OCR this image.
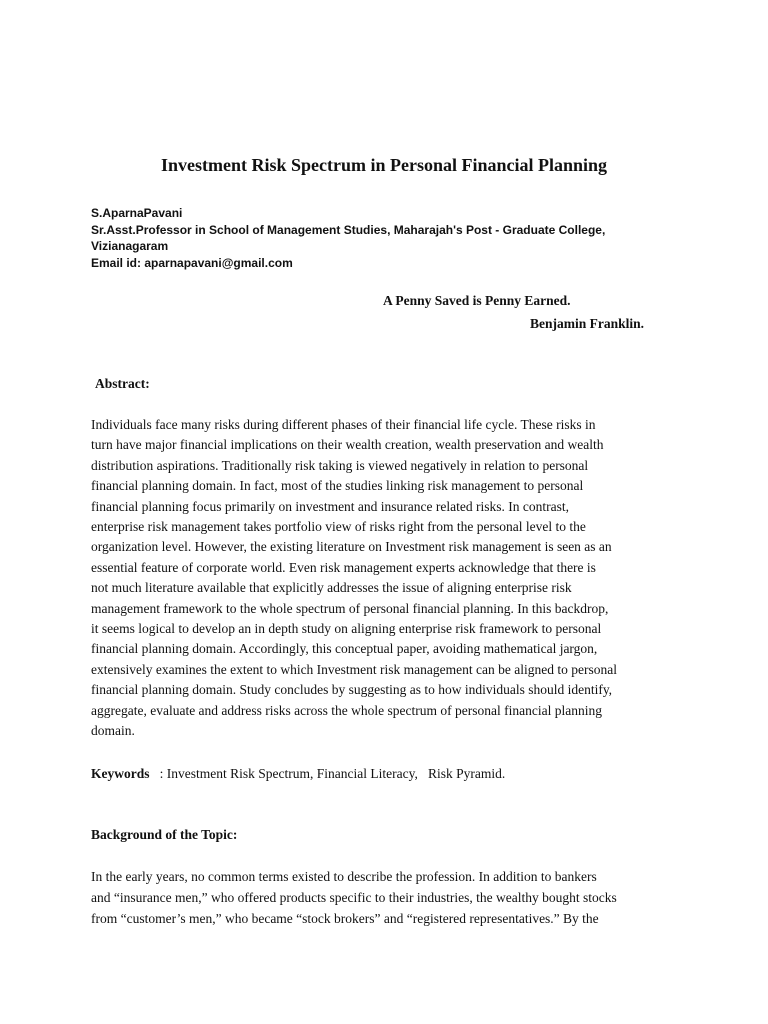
Investment Risk Spectrum in Personal Financial Planning
S.AparnaPavani
Sr.Asst.Professor in School of Management Studies, Maharajah's Post - Graduate College,
Vizianagaram
Email id: aparnapavani@gmail.com
A Penny Saved is Penny Earned.
Benjamin Franklin.
Abstract:
Individuals face many risks during different phases of their financial life cycle. These risks in
turn have major financial implications on their wealth creation, wealth preservation and wealth
distribution aspirations. Traditionally risk taking is viewed negatively in relation to personal
financial planning domain. In fact, most of the studies linking risk management to personal
financial planning focus primarily on investment and insurance related risks. In contrast,
enterprise risk management takes portfolio view of risks right from the personal level to the
organization level. However, the existing literature on Investment risk management is seen as an
essential feature of corporate world. Even risk management experts acknowledge that there is
not much literature available that explicitly addresses the issue of aligning enterprise risk
management framework to the whole spectrum of personal financial planning. In this backdrop,
it seems logical to develop an in depth study on aligning enterprise risk framework to personal
financial planning domain. Accordingly, this conceptual paper, avoiding mathematical jargon,
extensively examines the extent to which Investment risk management can be aligned to personal
financial planning domain. Study concludes by suggesting as to how individuals should identify,
aggregate, evaluate and address risks across the whole spectrum of personal financial planning
domain.
Keywords   : Investment Risk Spectrum, Financial Literacy,   Risk Pyramid.
Background of the Topic:
In the early years, no common terms existed to describe the profession. In addition to bankers
and “insurance men,” who offered products specific to their industries, the wealthy bought stocks
from “customer’s men,” who became “stock brokers” and “registered representatives.” By the
